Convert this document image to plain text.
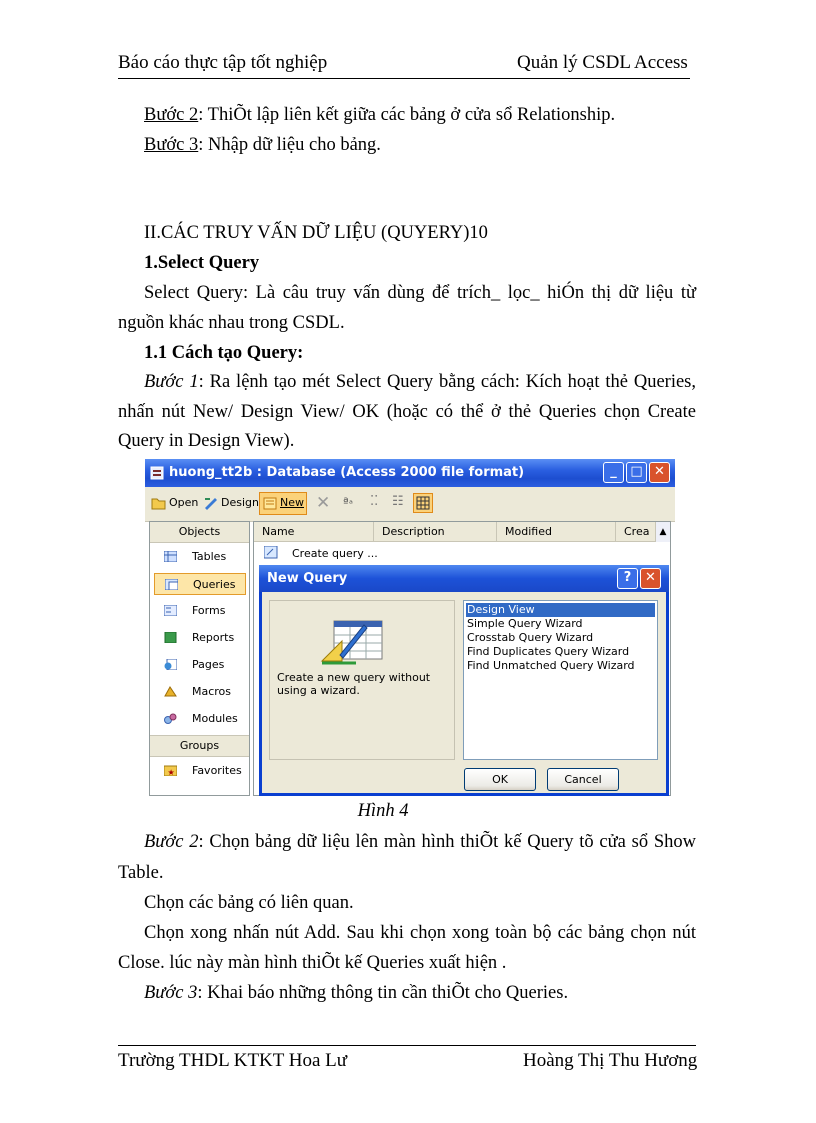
Báo cáo thực tập tốt nghiệp	Quản lý CSDL Access
Bước 2: ThiÕt lập liên kết giữa các bảng ở cửa sổ Relationship.
Bước 3: Nhập dữ liệu cho bảng.
II.CÁC TRUY VẤN DỮ LIỆU (QUYERY)10
1.Select Query
Select Query: Là câu truy vấn dùng để trích_ lọc_ hiÓn thị dữ liệu từ
nguồn khác nhau trong CSDL.
1.1 Cách tạo Query:
Bước 1: Ra lệnh tạo mét Select Query bằng cách: Kích hoạt thẻ Queries,
nhấn nút New/ Design View/ OK (hoặc có thể ở thẻ Queries chọn Create
Query in Design View).
huong_tt2b : Database (Access 2000 file format)	_	□ ✕
Open Design New ✕ ª ᵃ ⁚⁚ ☷
Objects
Tables
Queries
Forms
Reports
Pages
Macros
Modules
Groups
★ Favorites
Name	Description	Modified	Crea	▲
Create query ...
New Query	?	✕
Create a new query without using a wizard.
Design View
Simple Query Wizard
Crosstab Query Wizard
Find Duplicates Query Wizard
Find Unmatched Query Wizard
OK	Cancel
Hình 4
Bước 2: Chọn bảng dữ liệu lên màn hình thiÕt kế Query tõ cửa sổ Show
Table.
Chọn các bảng có liên quan.
Chọn xong nhấn nút Add. Sau khi chọn xong toàn bộ các bảng chọn nút
Close. lúc này màn hình thiÕt kế Queries xuất hiện .
Bước 3: Khai báo những thông tin cần thiÕt cho Queries.
Trường THDL KTKT Hoa Lư	Hoàng Thị Thu Hương
